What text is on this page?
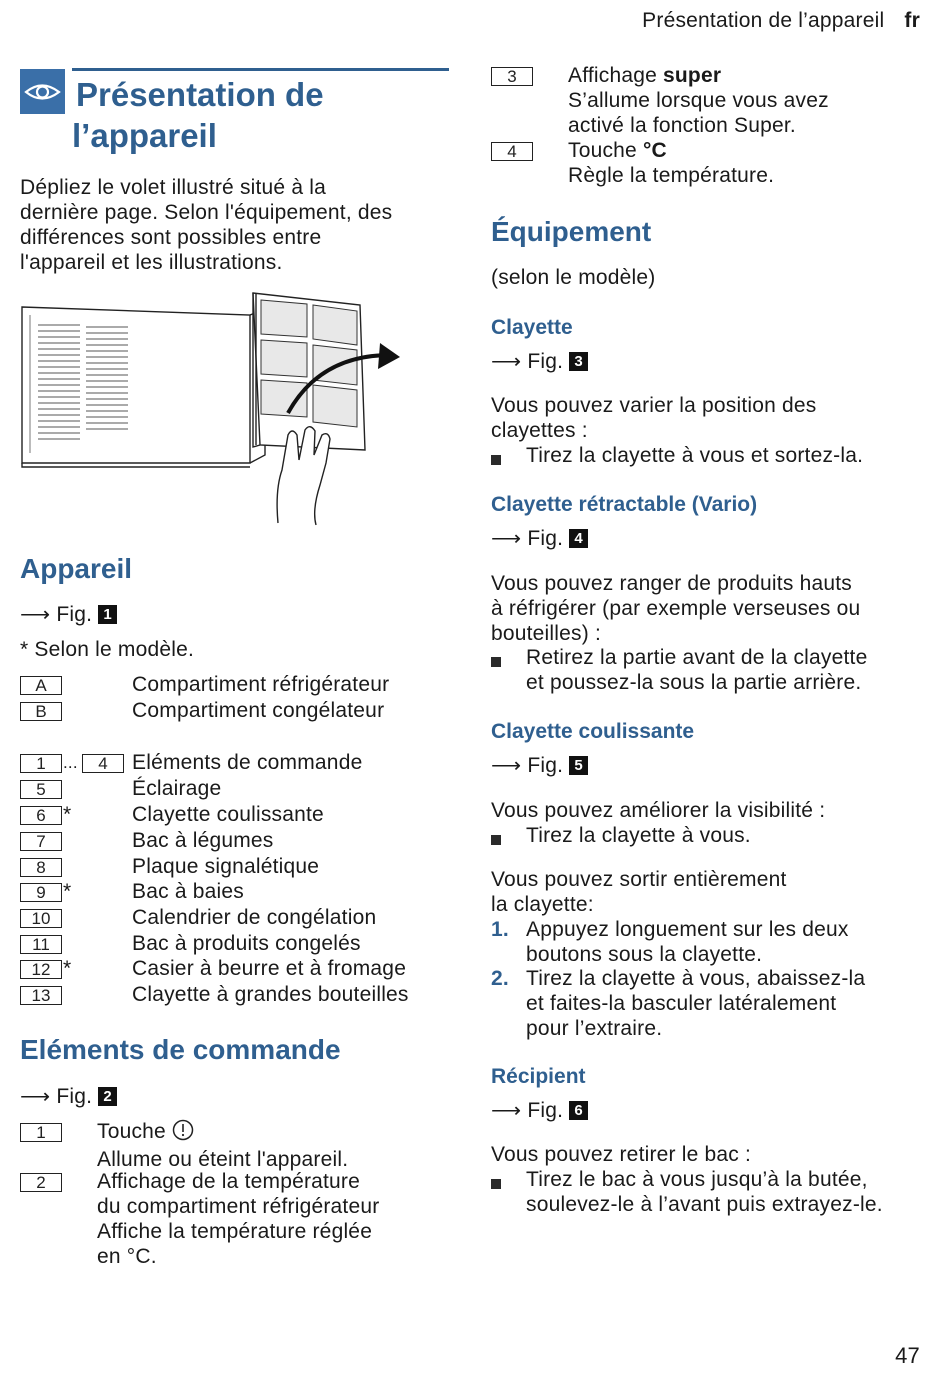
Présentation de l’appareil fr
Présentation de
l’appareil
Dépliez le volet illustré situé à la
dernière page. Selon l'équipement, des
différences sont possibles entre
l'appareil et les illustrations.
Appareil
⟶ Fig. 1
* Selon le modèle.
A	Compartiment réfrigérateur
B	Compartiment congélateur
1	...	4	Eléments de commande
5	Éclairage
6 *	Clayette coulissante
7	Bac à légumes
8	Plaque signalétique
9 *	Bac à baies
10	Calendrier de congélation
11	Bac à produits congelés
12 *	Casier à beurre et à fromage
13	Clayette à grandes bouteilles
Eléments de commande
⟶ Fig. 2
1	Touche
Allume ou éteint l'appareil.
2	Affichage de la température
du compartiment réfrigérateur
Affiche la température réglée
en °C.
3	Affichage super
S’allume lorsque vous avez
activé la fonction Super.
4	Touche °C
Règle la température.
Équipement
(selon le modèle)
Clayette
⟶ Fig. 3
Vous pouvez varier la position des
clayettes :
Tirez la clayette à vous et sortez-la.
Clayette rétractable (Vario)
⟶ Fig. 4
Vous pouvez ranger de produits hauts
à réfrigérer (par exemple verseuses ou
bouteilles) :
Retirez la partie avant de la clayette
et poussez-la sous la partie arrière.
Clayette coulissante
⟶ Fig. 5
Vous pouvez améliorer la visibilité :
Tirez la clayette à vous.
Vous pouvez sortir entièrement
la clayette:
1. Appuyez longuement sur les deux
boutons sous la clayette.
2. Tirez la clayette à vous, abaissez-la
et faites-la basculer latéralement
pour l’extraire.
Récipient
⟶ Fig. 6
Vous pouvez retirer le bac :
Tirez le bac à vous jusqu’à la butée,
soulevez-le à l’avant puis extrayez-le.
47
